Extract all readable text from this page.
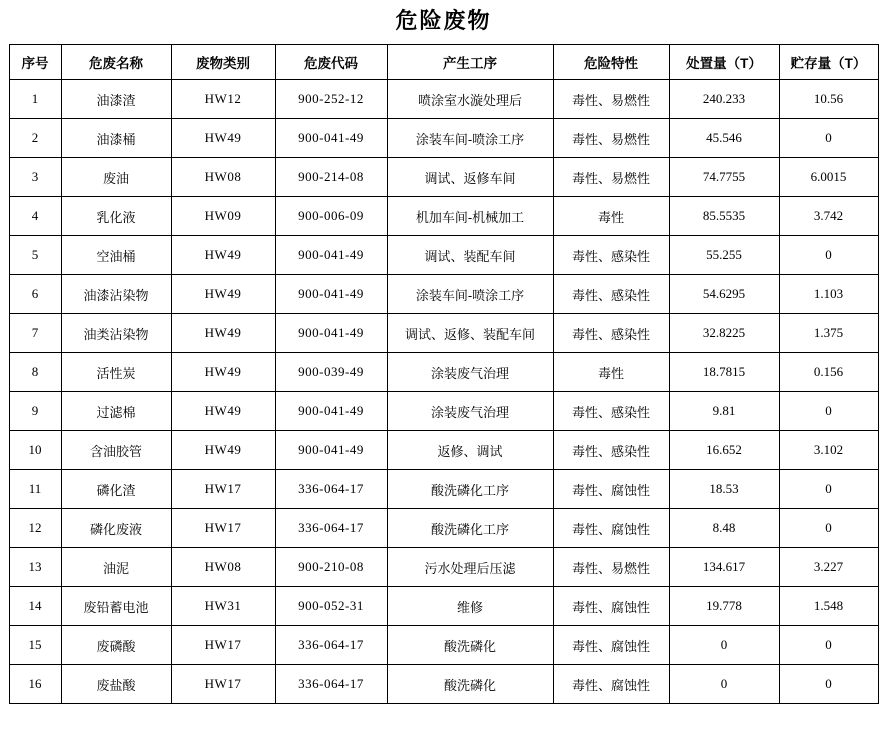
危险废物
序号	危废名称	废物类别	危废代码	产生工序	危险特性	处置量（T）	贮存量（T）
1	油漆渣	HW12	900-252-12	喷涂室水漩处理后	毒性、易燃性	240.233	10.56
2	油漆桶	HW49	900-041-49	涂装车间-喷涂工序	毒性、易燃性	45.546	0
3	废油	HW08	900-214-08	调试、返修车间	毒性、易燃性	74.7755	6.0015
4	乳化液	HW09	900-006-09	机加车间-机械加工	毒性	85.5535	3.742
5	空油桶	HW49	900-041-49	调试、装配车间	毒性、感染性	55.255	0
6	油漆沾染物	HW49	900-041-49	涂装车间-喷涂工序	毒性、感染性	54.6295	1.103
7	油类沾染物	HW49	900-041-49	调试、返修、装配车间	毒性、感染性	32.8225	1.375
8	活性炭	HW49	900-039-49	涂装废气治理	毒性	18.7815	0.156
9	过滤棉	HW49	900-041-49	涂装废气治理	毒性、感染性	9.81	0
10	含油胶管	HW49	900-041-49	返修、调试	毒性、感染性	16.652	3.102
11	磷化渣	HW17	336-064-17	酸洗磷化工序	毒性、腐蚀性	18.53	0
12	磷化废液	HW17	336-064-17	酸洗磷化工序	毒性、腐蚀性	8.48	0
13	油泥	HW08	900-210-08	污水处理后压滤	毒性、易燃性	134.617	3.227
14	废铅蓄电池	HW31	900-052-31	维修	毒性、腐蚀性	19.778	1.548
15	废磷酸	HW17	336-064-17	酸洗磷化	毒性、腐蚀性	0	0
16	废盐酸	HW17	336-064-17	酸洗磷化	毒性、腐蚀性	0	0
